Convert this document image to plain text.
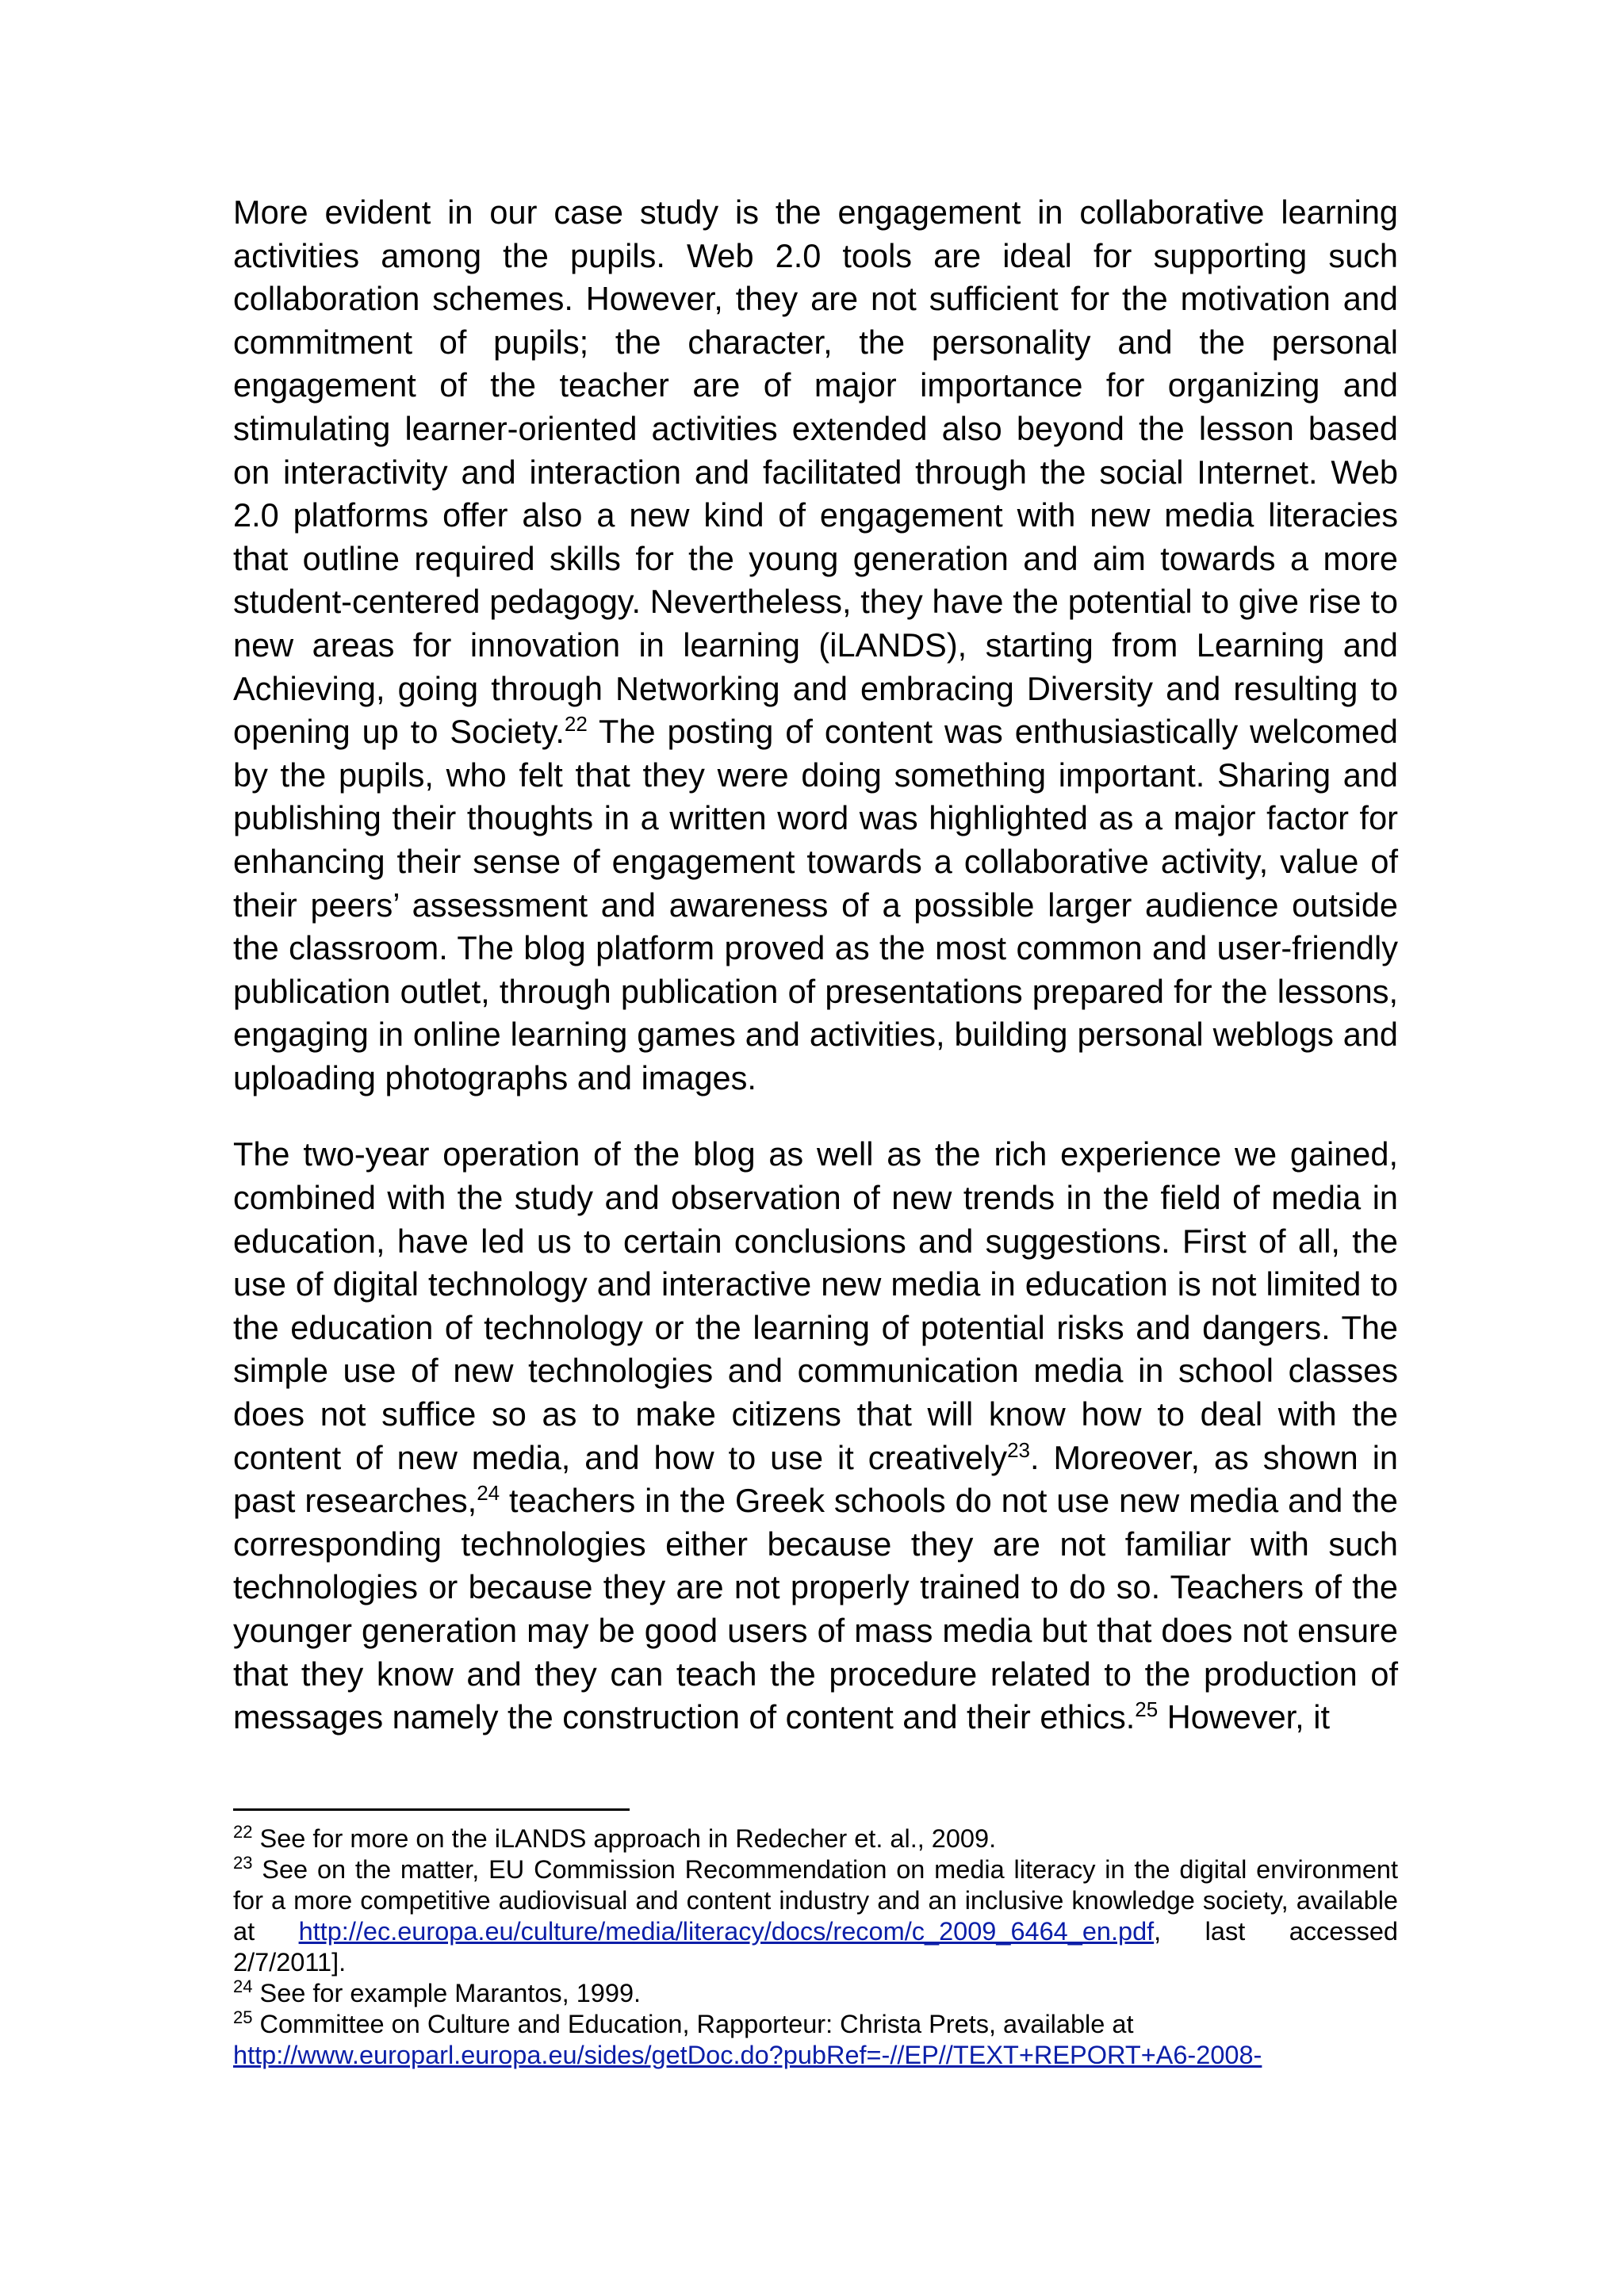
More evident in our case study is the engagement in collaborative learning activities among the pupils. Web 2.0 tools are ideal for supporting such collaboration schemes. However, they are not sufficient for the motivation and commitment of pupils; the character, the personality and the personal engagement of the teacher are of major importance for organizing and stimulating learner-oriented activities extended also beyond the lesson based on interactivity and interaction and facilitated through the social Internet. Web 2.0 platforms offer also a new kind of engagement with new media literacies that outline required skills for the young generation and aim towards a more student-centered pedagogy. Nevertheless, they have the potential to give rise to new areas for innovation in learning (iLANDS), starting from Learning and Achieving, going through Networking and embracing Diversity and resulting to opening up to Society.$^{22}$ The posting of content was enthusiastically welcomed by the pupils, who felt that they were doing something important. Sharing and publishing their thoughts in a written word was highlighted as a major factor for enhancing their sense of engagement towards a collaborative activity, value of their peers’ assessment and awareness of a possible larger audience outside the classroom. The blog platform proved as the most common and user-friendly publication outlet, through publication of presentations prepared for the lessons, engaging in online learning games and activities, building personal weblogs and uploading photographs and images.

The two-year operation of the blog as well as the rich experience we gained, combined with the study and observation of new trends in the field of media in education, have led us to certain conclusions and suggestions. First of all, the use of digital technology and interactive new media in education is not limited to the education of technology or the learning of potential risks and dangers. The simple use of new technologies and communication media in school classes does not suffice so as to make citizens that will know how to deal with the content of new media, and how to use it creatively$^{23}$. Moreover, as shown in past researches,$^{24}$ teachers in the Greek schools do not use new media and the corresponding technologies either because they are not familiar with such technologies or because they are not properly trained to do so. Teachers of the younger generation may be good users of mass media but that does not ensure that they know and they can teach the procedure related to the production of messages namely the construction of content and their ethics.$^{25}$ However, it

$^{22}$ See for more on the iLANDS approach in Redecher et. al., 2009.

$^{23}$ See on the matter, EU Commission Recommendation on media literacy in the digital environment for a more competitive audiovisual and content industry and an inclusive knowledge society, available at http://ec.europa.eu/culture/media/literacy/docs/recom/c_2009_6464_en.pdf, last accessed 2/7/2011].

$^{24}$ See for example Marantos, 1999.

$^{25}$ Committee on Culture and Education, Rapporteur: Christa Prets, available at
http://www.europarl.europa.eu/sides/getDoc.do?pubRef=-//EP//TEXT+REPORT+A6-2008-
